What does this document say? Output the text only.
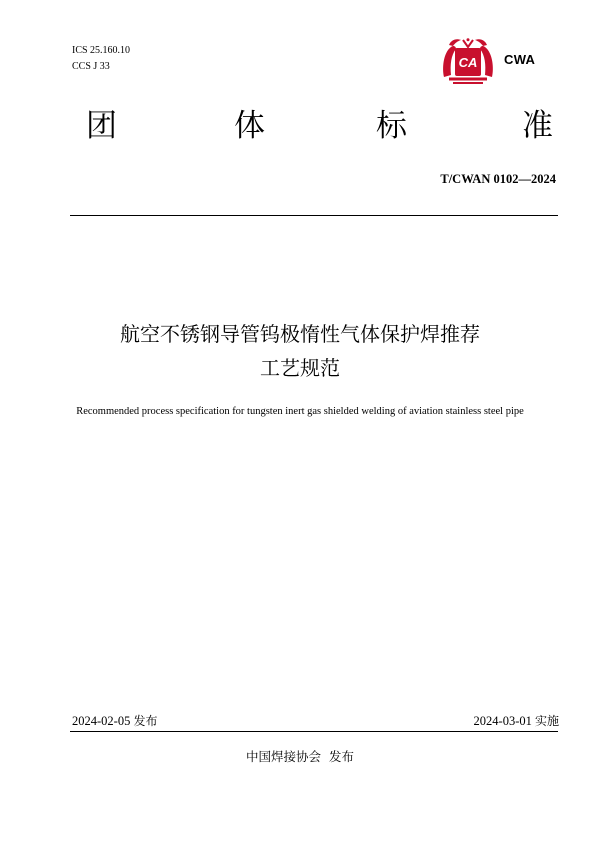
ICS 25.160.10
CCS J 33	CA CWA
团	体	标	准
T/CWAN 0102—2024
航空不锈钢导管钨极惰性气体保护焊推荐
工艺规范
Recommended process specification for tungsten inert gas shielded welding of aviation stainless steel pipe
2024-02-05 发布	2024-03-01 实施
中国焊接协会  发布
